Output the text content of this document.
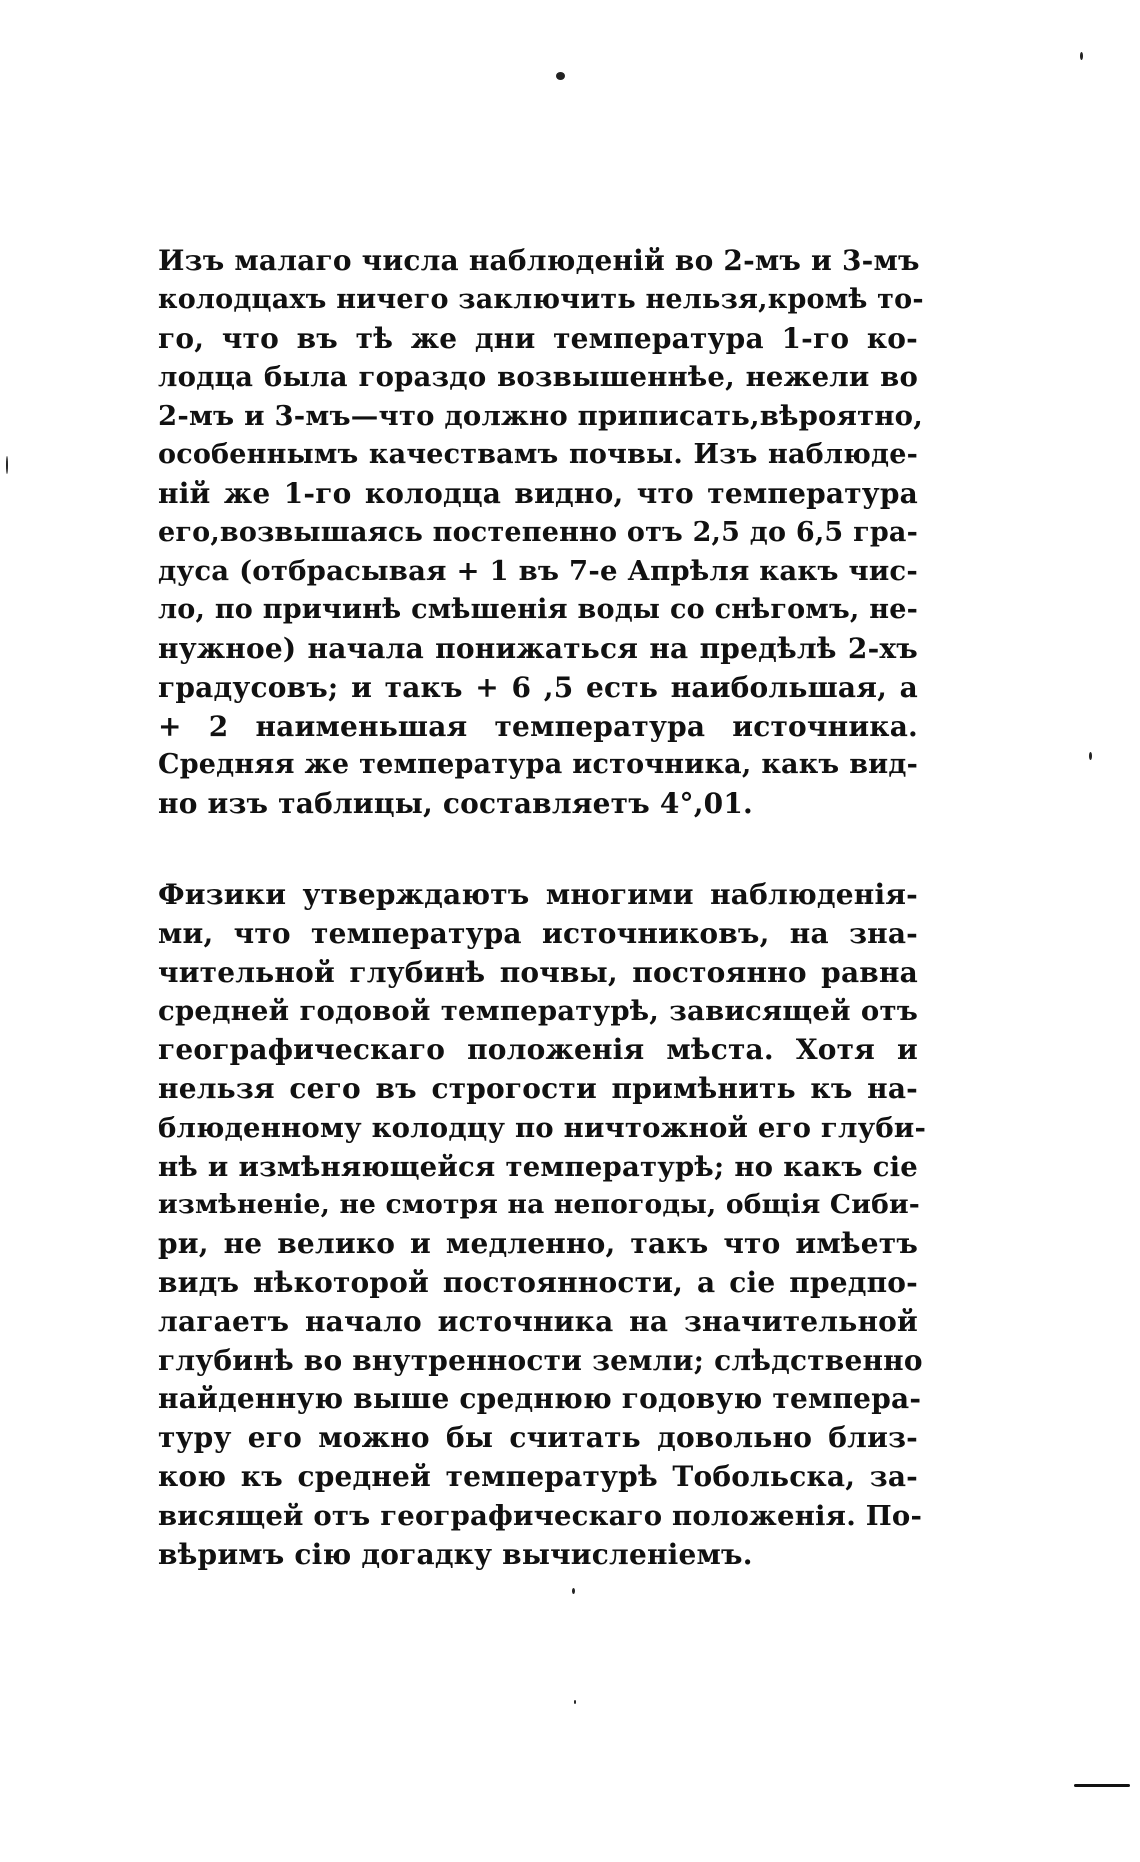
Изъ малаго числа наблюденiй во 2-мъ и 3-мъ
колодцахъ ничего заключить нельзя,кромѣ то-
го, что въ тѣ же дни температура 1-го ко-
лодца была гораздо возвышеннѣе, нежели во
2-мъ и 3-мъ—что должно приписать,вѣроятно,
особеннымъ качествамъ почвы. Изъ наблюде-
нiй же 1-го колодца видно, что температура
его,возвышаясь постепенно отъ 2,5 до 6,5 гра-
дуса (отбрасывая + 1 въ 7-е Апрѣля какъ чис-
ло, по причинѣ смѣшенiя воды со снѣгомъ, не-
нужное) начала понижаться на предѣлѣ 2-хъ
градусовъ; и такъ + 6 ,5 есть наибольшая, а
+ 2 наименьшая температура источника.
Средняя же температура источника, какъ вид-
но изъ таблицы, составляетъ 4°,01.
Физики утверждаютъ многими наблюденiя-
ми, что температура источниковъ, на зна-
чительной глубинѣ почвы, постоянно равна
средней годовой температурѣ, зависящей отъ
географическаго положенiя мѣста. Хотя и
нельзя сего въ строгости примѣнить къ на-
блюденному колодцу по ничтожной его глуби-
нѣ и измѣняющейся температурѣ; но какъ сiе
измѣненiе, не смотря на непогоды, общiя Сиби-
ри, не велико и медленно, такъ что имѣетъ
видъ нѣкоторой постоянности, а сiе предпо-
лагаетъ начало источника на значительной
глубинѣ во внутренности земли; слѣдственно
найденную выше среднюю годовую темпера-
туру его можно бы считать довольно близ-
кою къ средней температурѣ Тобольска, за-
висящей отъ географическаго положенiя. По-
вѣримъ сiю догадку вычисленiемъ.
